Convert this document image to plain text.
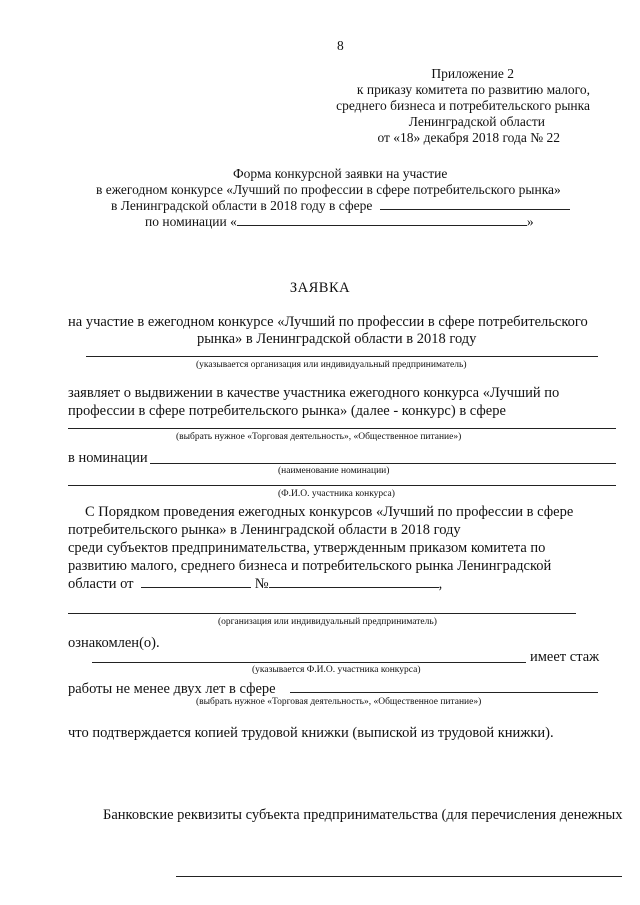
8
Приложение 2
к приказу комитета по развитию малого,
среднего бизнеса и потребительского рынка
Ленинградской области
от «18» декабря 2018 года № 22
Форма конкурсной заявки на участие
в ежегодном конкурсе «Лучший по профессии в сфере потребительского рынка»
в Ленинградской области в 2018 году в сфере
по номинации «	»
ЗАЯВКА
на участие в ежегодном конкурсе «Лучший по профессии в сфере потребительского
рынка» в Ленинградской области в 2018 году
(указывается организация или индивидуальный предприниматель)
заявляет о выдвижении в качестве участника ежегодного конкурса «Лучший по
профессии в сфере потребительского рынка» (далее - конкурс) в сфере
(выбрать нужное «Торговая деятельность», «Общественное питание»)
в номинации
(наименование номинации)
(Ф.И.О. участника конкурса)
С Порядком проведения ежегодных конкурсов «Лучший по профессии в сфере
потребительского рынка» в Ленинградской области в 2018 году
среди субъектов предпринимательства, утвержденным приказом комитета по
развитию малого, среднего бизнеса и потребительского рынка Ленинградской
области от	№	,
(организация или индивидуальный предприниматель)
ознакомлен(о).
имеет стаж
(указывается Ф.И.О. участника конкурса)
работы не менее двух лет в сфере
(выбрать нужное «Торговая деятельность», «Общественное питание»)
что подтверждается копией трудовой книжки (выпиской из трудовой книжки).
Банковские реквизиты субъекта предпринимательства (для перечисления денежных
